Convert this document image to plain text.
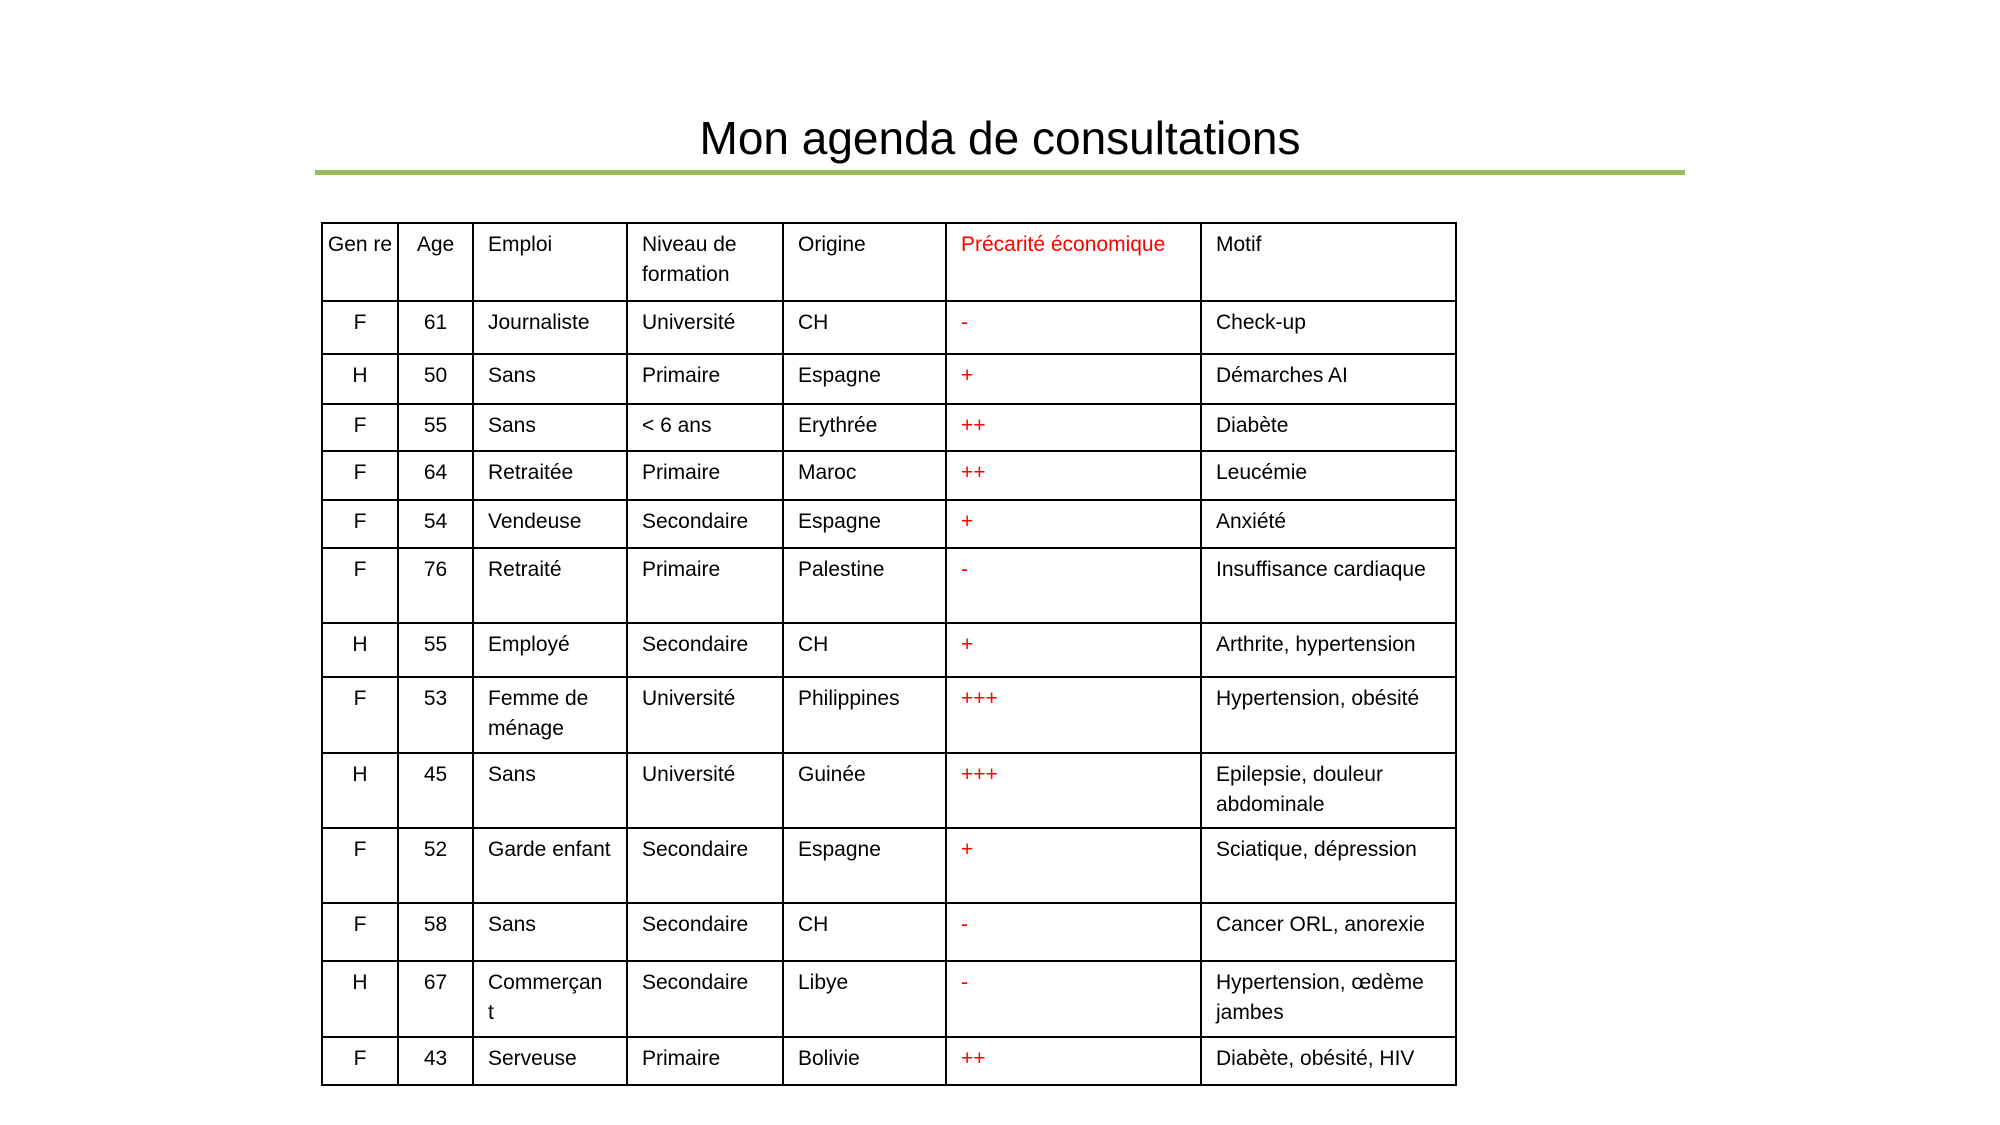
Mon agenda de consultations
Gen re	Age	Emploi	Niveau de formation	Origine	Précarité économique	Motif
F	61	Journaliste	Université	CH	-	Check-up
H	50	Sans	Primaire	Espagne	+	Démarches AI
F	55	Sans	< 6 ans	Erythrée	++	Diabète
F	64	Retraitée	Primaire	Maroc	++	Leucémie
F	54	Vendeuse	Secondaire	Espagne	+	Anxiété
F	76	Retraité	Primaire	Palestine	-	Insuffisance cardiaque
H	55	Employé	Secondaire	CH	+	Arthrite, hypertension
F	53	Femme de ménage	Université	Philippines	+++	Hypertension, obésité
H	45	Sans	Université	Guinée	+++	Epilepsie, douleur abdominale
F	52	Garde enfant	Secondaire	Espagne	+	Sciatique, dépression
F	58	Sans	Secondaire	CH	-	Cancer ORL, anorexie
H	67	Commerçan t	Secondaire	Libye	-	Hypertension, œdème jambes
F	43	Serveuse	Primaire	Bolivie	++	Diabète, obésité, HIV
